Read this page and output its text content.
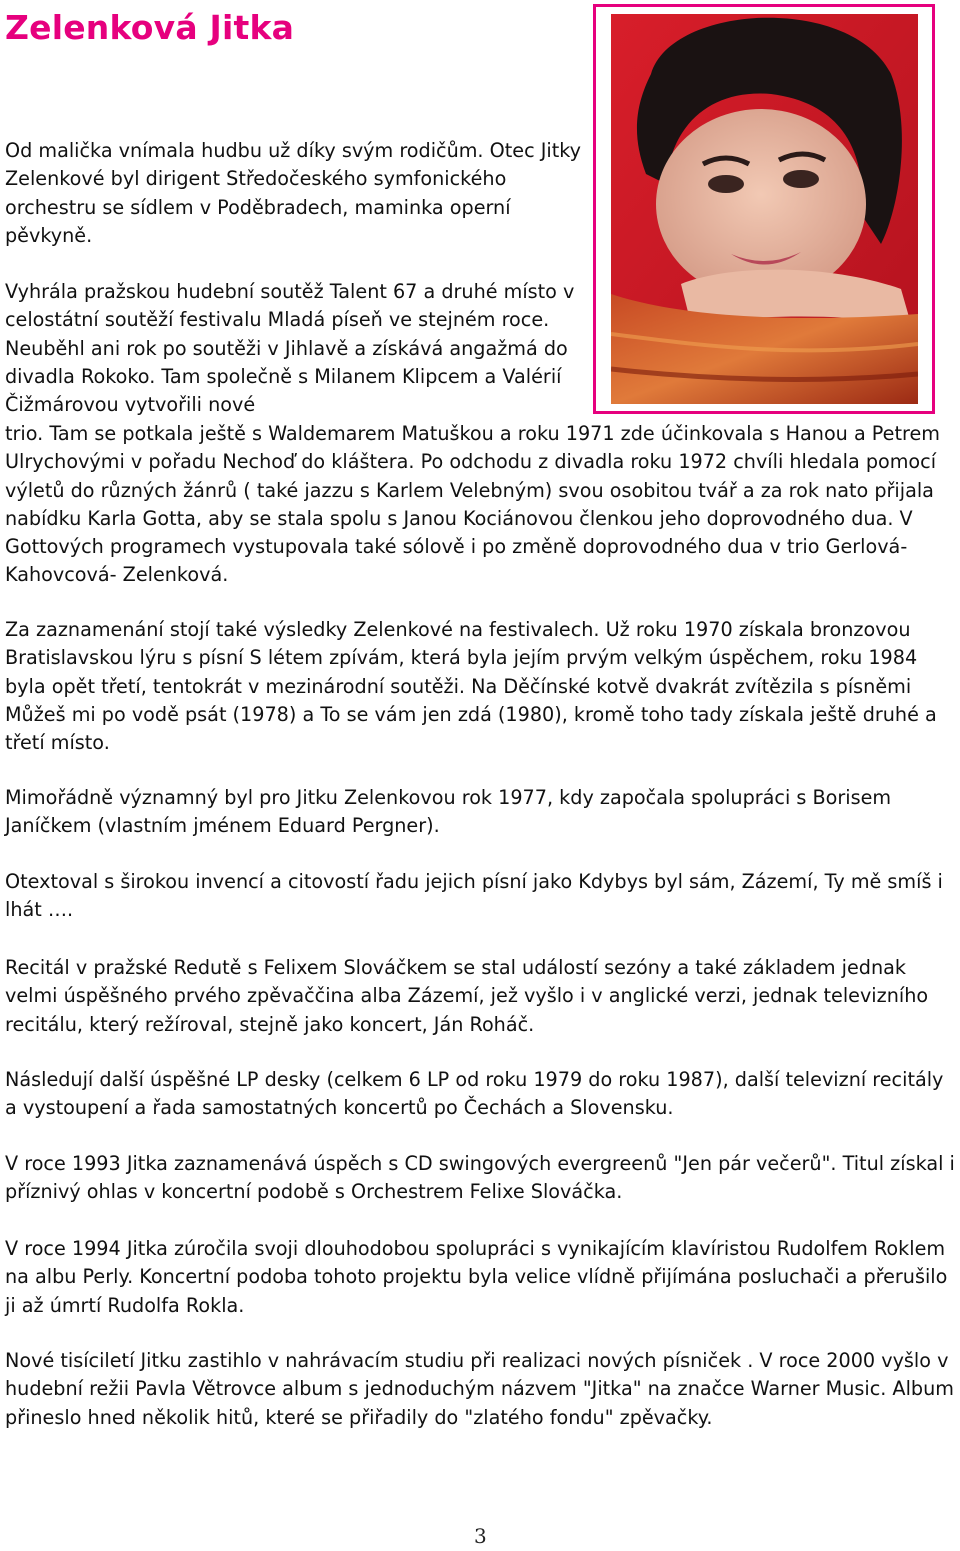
Zelenková Jitka

Od malička vnímala hudbu už díky svým rodičům. Otec Jitky Zelenkové byl dirigent Středočeského symfonického orchestru se sídlem v Poděbradech, maminka operní pěvkyně.

Vyhrála pražskou hudební soutěž Talent 67 a druhé místo v celostátní soutěží festivalu Mladá píseň ve stejném roce. Neuběhl ani rok po soutěži v Jihlavě a získává angažmá do divadla Rokoko. Tam společně s Milanem Klipcem a Valérií Čižmárovou vytvořili nové

trio. Tam se potkala ještě s Waldemarem Matuškou a roku 1971 zde účinkovala s Hanou a Petrem Ulrychovými v pořadu Nechoď do kláštera. Po odchodu z divadla roku 1972 chvíli hledala pomocí výletů do různých žánrů ( také jazzu s Karlem Velebným) svou osobitou tvář a za rok nato přijala nabídku Karla Gotta, aby se stala spolu s Janou Kociánovou členkou jeho doprovodného dua. V Gottových programech vystupovala také sólově i po změně doprovodného dua v trio Gerlová-Kahovcová- Zelenková.

Za zaznamenání stojí také výsledky Zelenkové na festivalech. Už roku 1970 získala bronzovou Bratislavskou lýru s písní S létem zpívám, která byla jejím prvým velkým úspěchem, roku 1984 byla opět třetí, tentokrát v mezinárodní soutěži. Na Děčínské kotvě dvakrát zvítězila s písněmi Můžeš mi po vodě psát (1978) a To se vám jen zdá (1980), kromě toho tady získala ještě druhé a třetí místo.

Mimořádně významný byl pro Jitku Zelenkovou rok 1977, kdy započala spolupráci s Borisem Janíčkem (vlastním jménem Eduard Pergner).

Otextoval s širokou invencí a citovostí řadu jejich písní jako Kdybys byl sám, Zázemí, Ty mě smíš i lhát ….

Recitál v pražské Redutě s Felixem Slováčkem se stal událostí sezóny a také základem jednak velmi úspěšného prvého zpěvaččina alba Zázemí, jež vyšlo i v anglické verzi, jednak televizního recitálu, který režíroval, stejně jako koncert, Ján Roháč.

Následují další úspěšné LP desky (celkem 6 LP od roku 1979 do roku 1987), další televizní recitály a vystoupení a řada samostatných koncertů po Čechách a Slovensku.

V roce 1993 Jitka zaznamenává úspěch s CD swingových evergreenů "Jen pár večerů". Titul získal i příznivý ohlas v koncertní podobě s Orchestrem Felixe Slováčka.

V roce 1994 Jitka zúročila svoji dlouhodobou spolupráci s vynikajícím klavíristou Rudolfem Roklem na albu Perly. Koncertní podoba tohoto projektu byla velice vlídně přijímána posluchači a přerušilo ji až úmrtí Rudolfa Rokla.

Nové tisíciletí Jitku zastihlo v nahrávacím studiu při realizaci nových písniček . V roce 2000 vyšlo v hudební režii Pavla Větrovce album s jednoduchým názvem "Jitka" na značce Warner Music. Album přineslo hned několik hitů, které se přiřadily do "zlatého fondu" zpěvačky.

3
